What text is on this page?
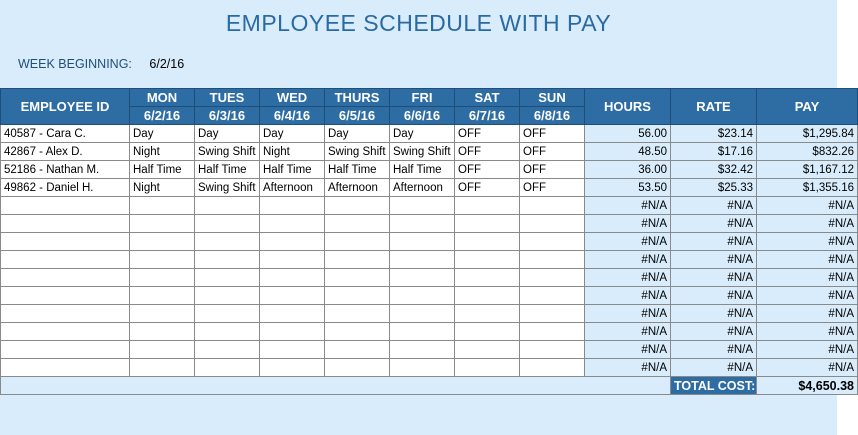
EMPLOYEE SCHEDULE WITH PAY
WEEK BEGINNING: 6/2/16
EMPLOYEE ID	MON	TUES	WED	THURS	FRI	SAT	SUN	HOURS	RATE	PAY
	6/2/16	6/3/16	6/4/16	6/5/16	6/6/16	6/7/16	6/8/16			
40587 - Cara C.	Day	Day	Day	Day	Day	OFF	OFF	56.00	$23.14	$1,295.84
42867 - Alex D.	Night	Swing Shift	Night	Swing Shift	Swing Shift	OFF	OFF	48.50	$17.16	$832.26
52186 - Nathan M.	Half Time	Half Time	Half Time	Half Time	Half Time	OFF	OFF	36.00	$32.42	$1,167.12
49862 - Daniel H.	Night	Swing Shift	Afternoon	Afternoon	Afternoon	OFF	OFF	53.50	$25.33	$1,355.16
								#N/A	#N/A	#N/A
								#N/A	#N/A	#N/A
								#N/A	#N/A	#N/A
								#N/A	#N/A	#N/A
								#N/A	#N/A	#N/A
								#N/A	#N/A	#N/A
								#N/A	#N/A	#N/A
								#N/A	#N/A	#N/A
								#N/A	#N/A	#N/A
								#N/A	#N/A	#N/A
									TOTAL COST:	$4,650.38
